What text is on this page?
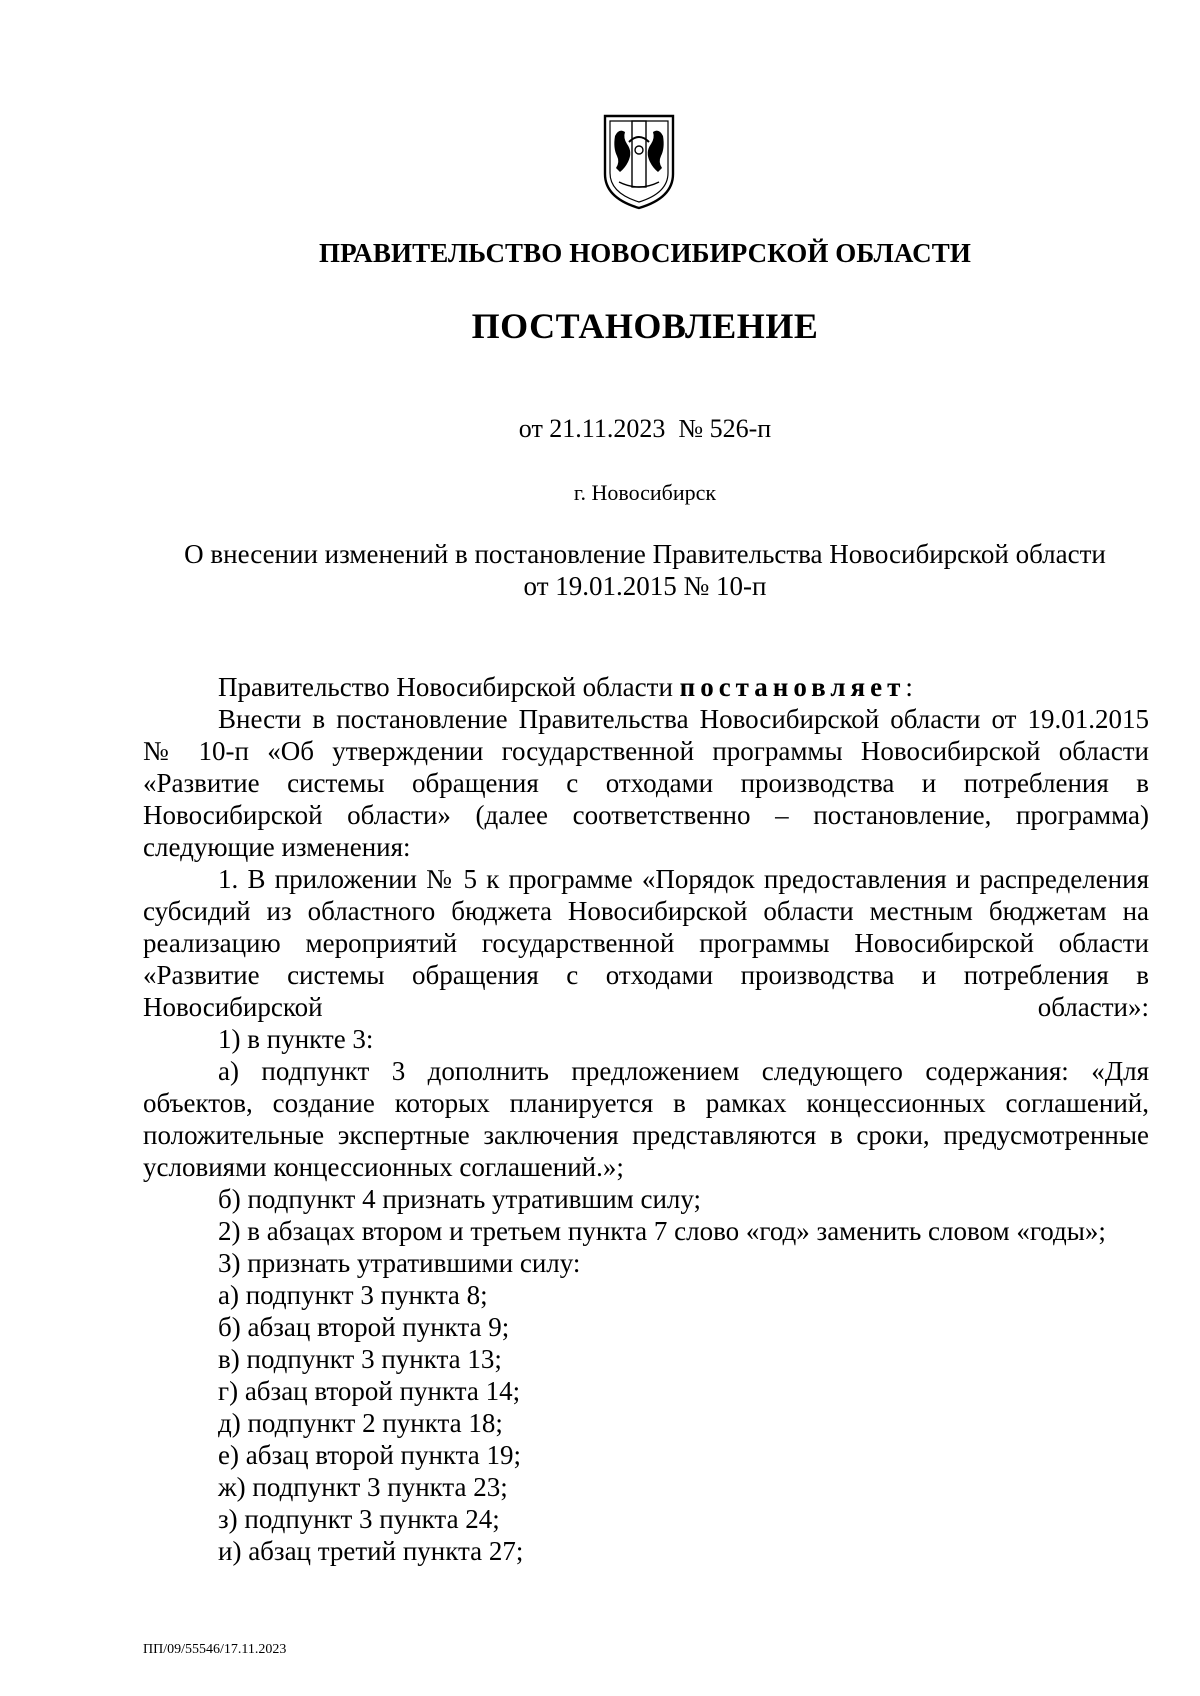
ПРАВИТЕЛЬСТВО НОВОСИБИРСКОЙ ОБЛАСТИ
ПОСТАНОВЛЕНИЕ
от 21.11.2023  № 526-п
г. Новосибирск
О внесении изменений в постановление Правительства Новосибирской области
от 19.01.2015 № 10-п

Правительство Новосибирской области постановляет:

Внести в постановление Правительства Новосибирской области от 19.01.2015 № 10-п «Об утверждении государственной программы Новосибирской области «Развитие системы обращения с отходами производства и потребления в Новосибирской области» (далее соответственно – постановление, программа) следующие изменения:

1. В приложении № 5 к программе «Порядок предоставления и распределения субсидий из областного бюджета Новосибирской области местным бюджетам на реализацию мероприятий государственной программы Новосибирской области «Развитие системы обращения с отходами производства и потребления в Новосибирской области»:

1) в пункте 3:

а) подпункт 3 дополнить предложением следующего содержания: «Для объектов, создание которых планируется в рамках концессионных соглашений, положительные экспертные заключения представляются в сроки, предусмотренные условиями концессионных соглашений.»;

б) подпункт 4 признать утратившим силу;

2) в абзацах втором и третьем пункта 7 слово «год» заменить словом «годы»;

3) признать утратившими силу:

а) подпункт 3 пункта 8;

б) абзац второй пункта 9;

в) подпункт 3 пункта 13;

г) абзац второй пункта 14;

д) подпункт 2 пункта 18;

е) абзац второй пункта 19;

ж) подпункт 3 пункта 23;

з) подпункт 3 пункта 24;

и) абзац третий пункта 27;

ПП/09/55546/17.11.2023
